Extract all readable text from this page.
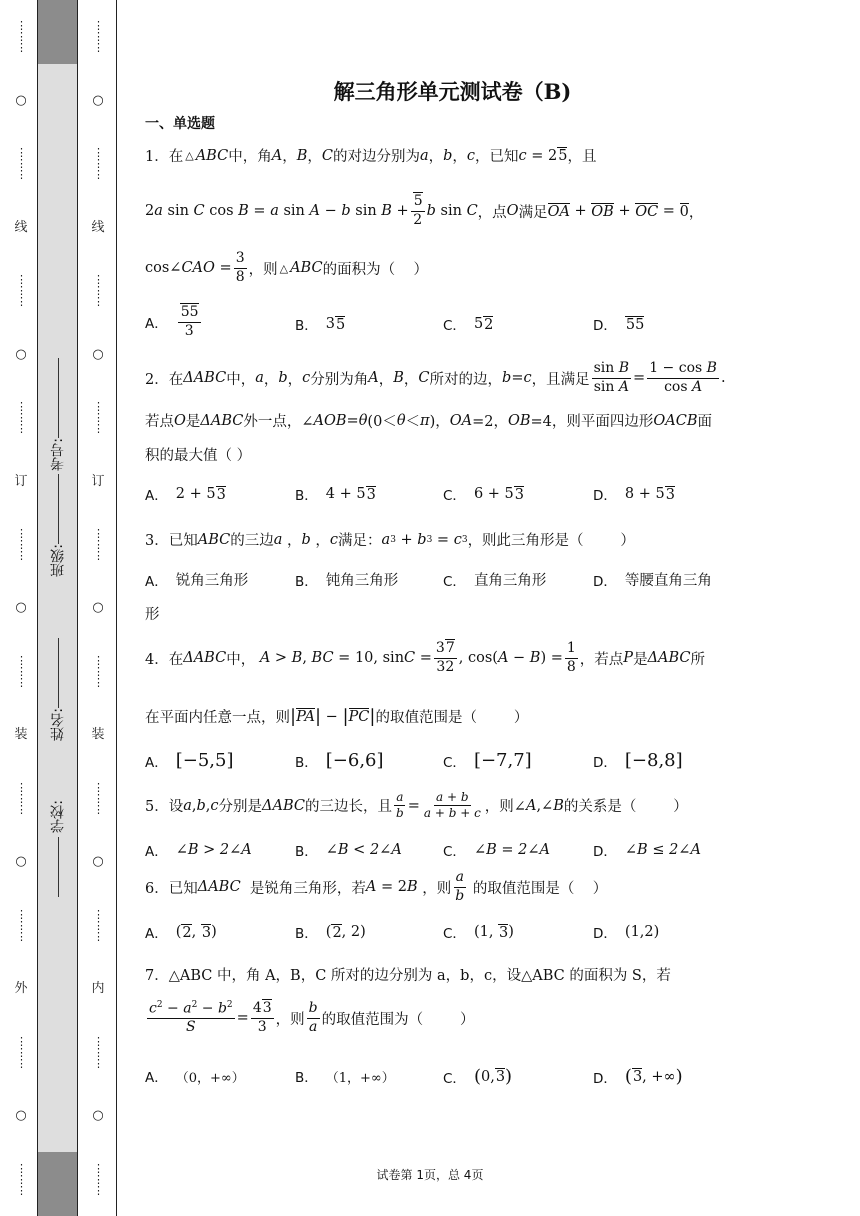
⋮
⋮
⋮
○
⋮
⋮
⋮
线
⋮
⋮
⋮
○
⋮
⋮
⋮
订
⋮
⋮
⋮
○
⋮
⋮
⋮
装
⋮
⋮
⋮
○
⋮
⋮
⋮
外
⋮
⋮
⋮
○
⋮
⋮
⋮
⋮
⋮
⋮
○
⋮
⋮
⋮
线
⋮
⋮
⋮
○
⋮
⋮
⋮
订
⋮
⋮
⋮
○
⋮
⋮
⋮
装
⋮
⋮
⋮
○
⋮
⋮
⋮
内
⋮
⋮
⋮
○
⋮
⋮
⋮
学校:
姓名:
班级:
考号:
解三角形单元测试卷（B)
一、单选题
1．在 △ ABC 中，角 A ， B ， C 的对边分别为 a ， b ， c ，已知 c = 2 5 ，且
2 a sin C cos B = a sin A − b $\sin B + \frac{5}{2}$ b sin C ，点 O 满足 OA + OB + OC = 0 ，
cos∠ CAO = $\frac{3}{8}$ ，则 △ ABC 的面积为（    ）
A． $\frac{55}{3}$	B． 3 5	C． 5 2	D． 55
2．在 ΔABC 中， a ， b ， c 分别为角 A ， B ， C 所对的边， b = c ，且满足 $\frac{\text{sin B}}{\text{sin A}} = \frac{\text{1 − cos B}}{\text{cos A}}$ .
若点 O 是 ΔABC 外一点，∠ AOB = θ (0＜ θ ＜ π )， OA =2， OB =4，则平面四边形 OACB 面
积的最大值（ ）
A． 2 + 5 3	B． 4 + 5 3	C． 6 + 5 3	D． 8 + 5 3
3．已知 ABC 的三边 a ， b ， c 满足： a 3 + b 3 = c 3 ，则此三角形是（        ）
A． 锐角三角形	B． 钝角三角形	C． 直角三角形	D． 等腰直角三角
形
4．在 ΔABC 中， A > B , BC = 10, $\sin C = \frac{37}{32}$ , cos( A − B ) = $\frac{1}{8}$ ，若点 P 是 ΔABC 所
在平面内任意一点，则 | PA | − | PC | 的取值范围是（        ）
A． [−5,5]	B． [−6,6]	C． [−7,7]	D． [−8,8]
5．设 a , b , c 分别是 ΔABC 的三边长，且 $\frac{a}{b} = \frac{a + b}{a + b + c}$ ，则∠ A ,∠ B 的关系是（        ）
A． ∠B > 2∠A	B． ∠B < 2∠A	C． ∠B = 2∠A	D． ∠B ≤ 2∠A
6．已知 ΔABC 是锐角三角形，若 A = 2 B ，则 $\frac{a}{b}$ 的取值范围是（    ）
A． ( 2 , 3 )	B． ( 2 , 2)	C． (1, 3 )	D． (1,2)
7．△ABC 中，角 A，B，C 所对的边分别为 a，b，c，设△ABC 的面积为 S，若
$\frac{c^2 - a^2 - b^2}{S} = \frac{43}{3}$ ，则 $\frac{b}{a}$ 的取值范围为（        ）
A． （0，+∞）	B． （1，+∞）	C． ( 0, 3 )	D． ( 3 , +∞ )
试卷第 1页，总 4页
